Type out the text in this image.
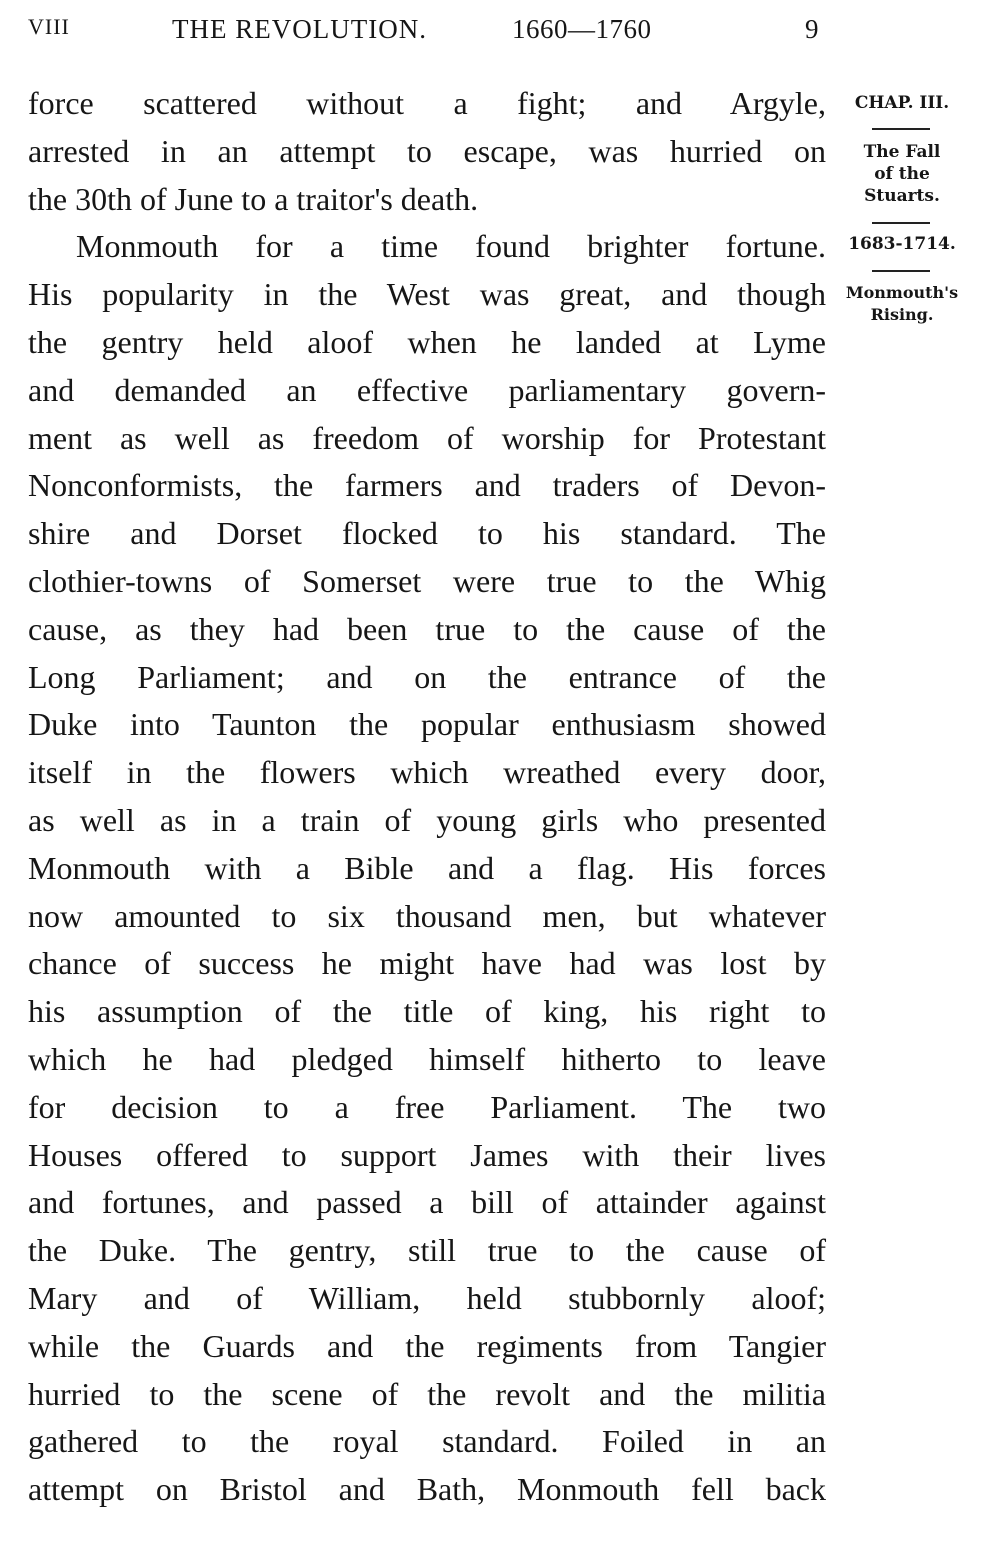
VIII	THE REVOLUTION.	1660—1760	9
force scattered without a fight; and Argyle,
arrested in an attempt to escape, was hurried on
the 30th of June to a traitor's death.
Monmouth for a time found brighter fortune.
His popularity in the West was great, and though
the gentry held aloof when he landed at Lyme
and demanded an effective parliamentary govern-
ment as well as freedom of worship for Protestant
Nonconformists, the farmers and traders of Devon-
shire and Dorset flocked to his standard. The
clothier-towns of Somerset were true to the Whig
cause, as they had been true to the cause of the
Long Parliament; and on the entrance of the
Duke into Taunton the popular enthusiasm showed
itself in the flowers which wreathed every door,
as well as in a train of young girls who presented
Monmouth with a Bible and a flag. His forces
now amounted to six thousand men, but whatever
chance of success he might have had was lost by
his assumption of the title of king, his right to
which he had pledged himself hitherto to leave
for decision to a free Parliament. The two
Houses offered to support James with their lives
and fortunes, and passed a bill of attainder against
the Duke. The gentry, still true to the cause of
Mary and of William, held stubbornly aloof;
while the Guards and the regiments from Tangier
hurried to the scene of the revolt and the militia
gathered to the royal standard. Foiled in an
attempt on Bristol and Bath, Monmouth fell back
CHAP. III.
The Fall
of the
Stuarts.
1683-1714.
Monmouth's
Rising.
